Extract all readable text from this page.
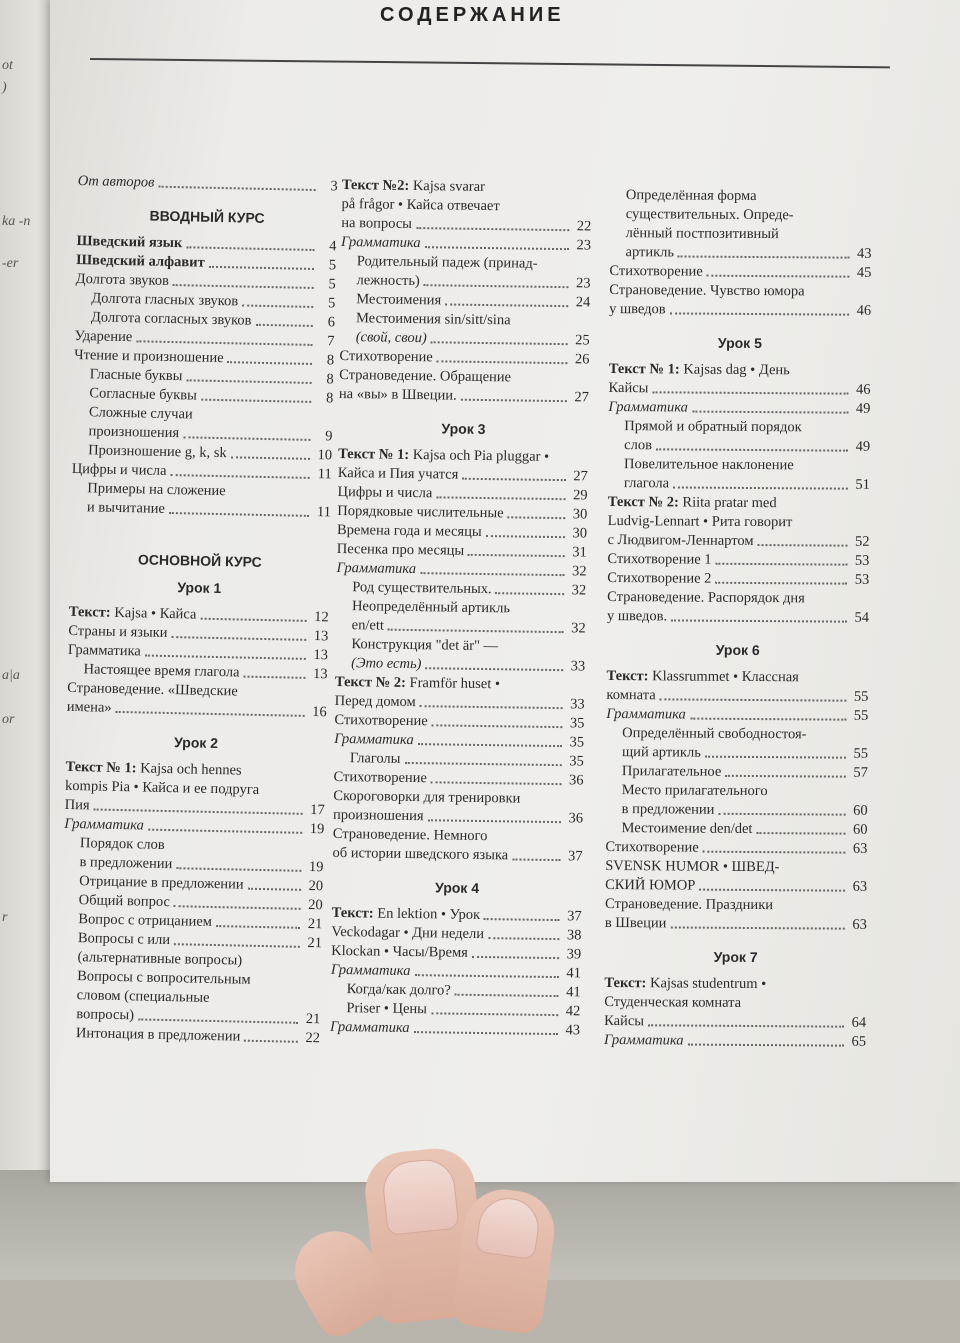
ot
)
ka -n
-er
a|a
or
r
СОДЕРЖАНИЕ
От авторов	3
ВВОДНЫЙ КУРС
Шведский язык	4
Шведский алфавит	5
Долгота звуков	5
Долгота гласных звуков	5
Долгота согласных звуков	6
Ударение	7
Чтение и произношение	8
Гласные буквы	8
Согласные буквы	8
Сложные случаи
произношения	9
Произношение g, k, sk	10
Цифры и числа	11
Примеры на сложение
и вычитание	11
ОСНОВНОЙ КУРС
Урок 1
Текст: Kajsa • Кайса	12
Страны и языки	13
Грамматика	13
Настоящее время глагола	13
Страноведение. «Шведские
имена»	16
Урок 2
Текст № 1: Kajsa och hennes
kompis Pia • Кайса и ее подруга
Пия	17
Грамматика	19
Порядок слов
в предложении	19
Отрицание в предложении	20
Общий вопрос	20
Вопрос с отрицанием	21
Вопросы с или	21
(альтернативные вопросы)
Вопросы с вопросительным
словом (специальные
вопросы)	21
Интонация в предложении	22
Текст №2: Kajsa svarar
på frågor • Кайса отвечает
на вопросы	22
Грамматика	23
Родительный падеж (принад-
лежность)	23
Местоимения	24
Местоимения sin/sitt/sina
(свой, свои)	25
Стихотворение	26
Страноведение. Обращение
на «вы» в Швеции.	27
Урок 3
Текст № 1: Kajsa och Pia pluggar •
Кайса и Пия учатся	27
Цифры и числа	29
Порядковые числительные	30
Времена года и месяцы	30
Песенка про месяцы	31
Грамматика	32
Род существительных.	32
Неопределённый артикль
en/ett	32
Конструкция "det är" —
(Это есть)	33
Текст № 2: Framför huset •
Перед домом	33
Стихотворение	35
Грамматика	35
Глаголы	35
Стихотворение	36
Скороговорки для тренировки
произношения	36
Страноведение. Немного
об истории шведского языка	37
Урок 4
Текст: En lektion • Урок	37
Veckodagar • Дни недели	38
Klockan • Часы/Время	39
Грамматика	41
Когда/как долго?	41
Priser • Цены	42
Грамматика	43
Определённая форма
существительных. Опреде-
лённый постпозитивный
артикль	43
Стихотворение	45
Страноведение. Чувство юмора
у шведов	46
Урок 5
Текст № 1: Kajsas dag • День
Кайсы	46
Грамматика	49
Прямой и обратный порядок
слов	49
Повелительное наклонение
глагола	51
Текст № 2: Riita pratar med
Ludvig-Lennart • Рита говорит
с Людвигом-Леннартом	52
Стихотворение 1	53
Стихотворение 2	53
Страноведение. Распорядок дня
у шведов.	54
Урок 6
Текст: Klassrummet • Классная
комната	55
Грамматика	55
Определённый свободностоя-
щий артикль	55
Прилагательное	57
Место прилагательного
в предложении	60
Местоимение den/det	60
Стихотворение	63
SVENSK HUMOR • ШВЕД-
СКИЙ ЮМОР	63
Страноведение. Праздники
в Швеции	63
Урок 7
Текст: Kajsas studentrum •
Студенческая комната
Кайсы	64
Грамматика	65
